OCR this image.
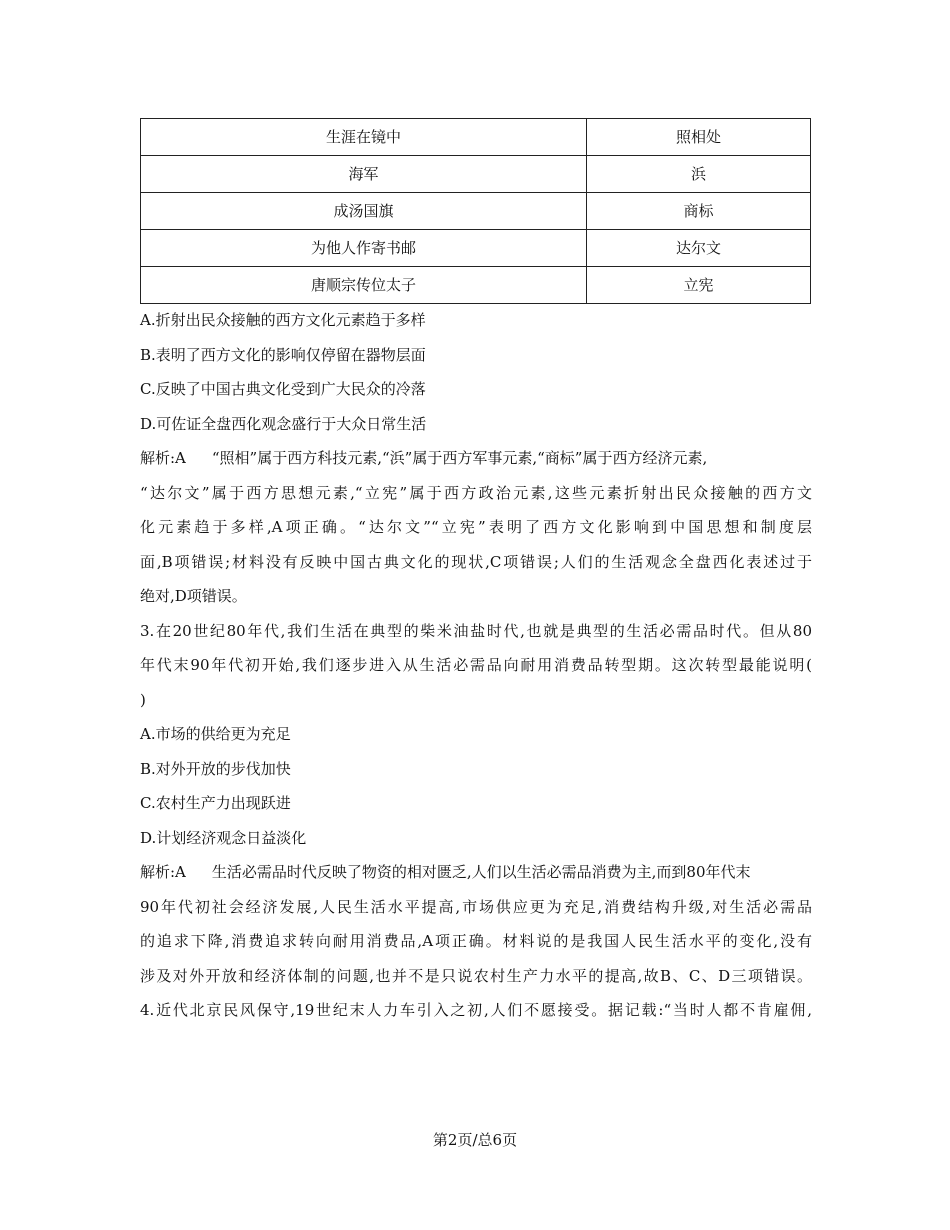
生涯在镜中	照相处
海军	浜
成汤国旗	商标
为他人作寄书邮	达尔文
唐顺宗传位太子	立宪
A.折射出民众接触的西方文化元素趋于多样
B.表明了西方文化的影响仅停留在器物层面
C.反映了中国古典文化受到广大民众的冷落
D.可佐证全盘西化观念盛行于大众日常生活
解析:A “照相”属于西方科技元素,“浜”属于西方军事元素,“商标”属于西方经济元素,
“达尔文”属于西方思想元素,“立宪”属于西方政治元素,这些元素折射出民众接触的西方文
化元素趋于多样,A项正确。“达尔文”“立宪”表明了西方文化影响到中国思想和制度层
面,B项错误;材料没有反映中国古典文化的现状,C项错误;人们的生活观念全盘西化表述过于
绝对,D项错误。
3.在20世纪80年代,我们生活在典型的柴米油盐时代,也就是典型的生活必需品时代。但从80
年代末90年代初开始,我们逐步进入从生活必需品向耐用消费品转型期。这次转型最能说明(
)
A.市场的供给更为充足
B.对外开放的步伐加快
C.农村生产力出现跃进
D.计划经济观念日益淡化
解析:A 生活必需品时代反映了物资的相对匮乏,人们以生活必需品消费为主,而到80年代末
90年代初社会经济发展,人民生活水平提高,市场供应更为充足,消费结构升级,对生活必需品
的追求下降,消费追求转向耐用消费品,A项正确。材料说的是我国人民生活水平的变化,没有
涉及对外开放和经济体制的问题,也并不是只说农村生产力水平的提高,故B、C、D三项错误。
4.近代北京民风保守,19世纪末人力车引入之初,人们不愿接受。据记载:“当时人都不肯雇佣,
第2页/总6页
